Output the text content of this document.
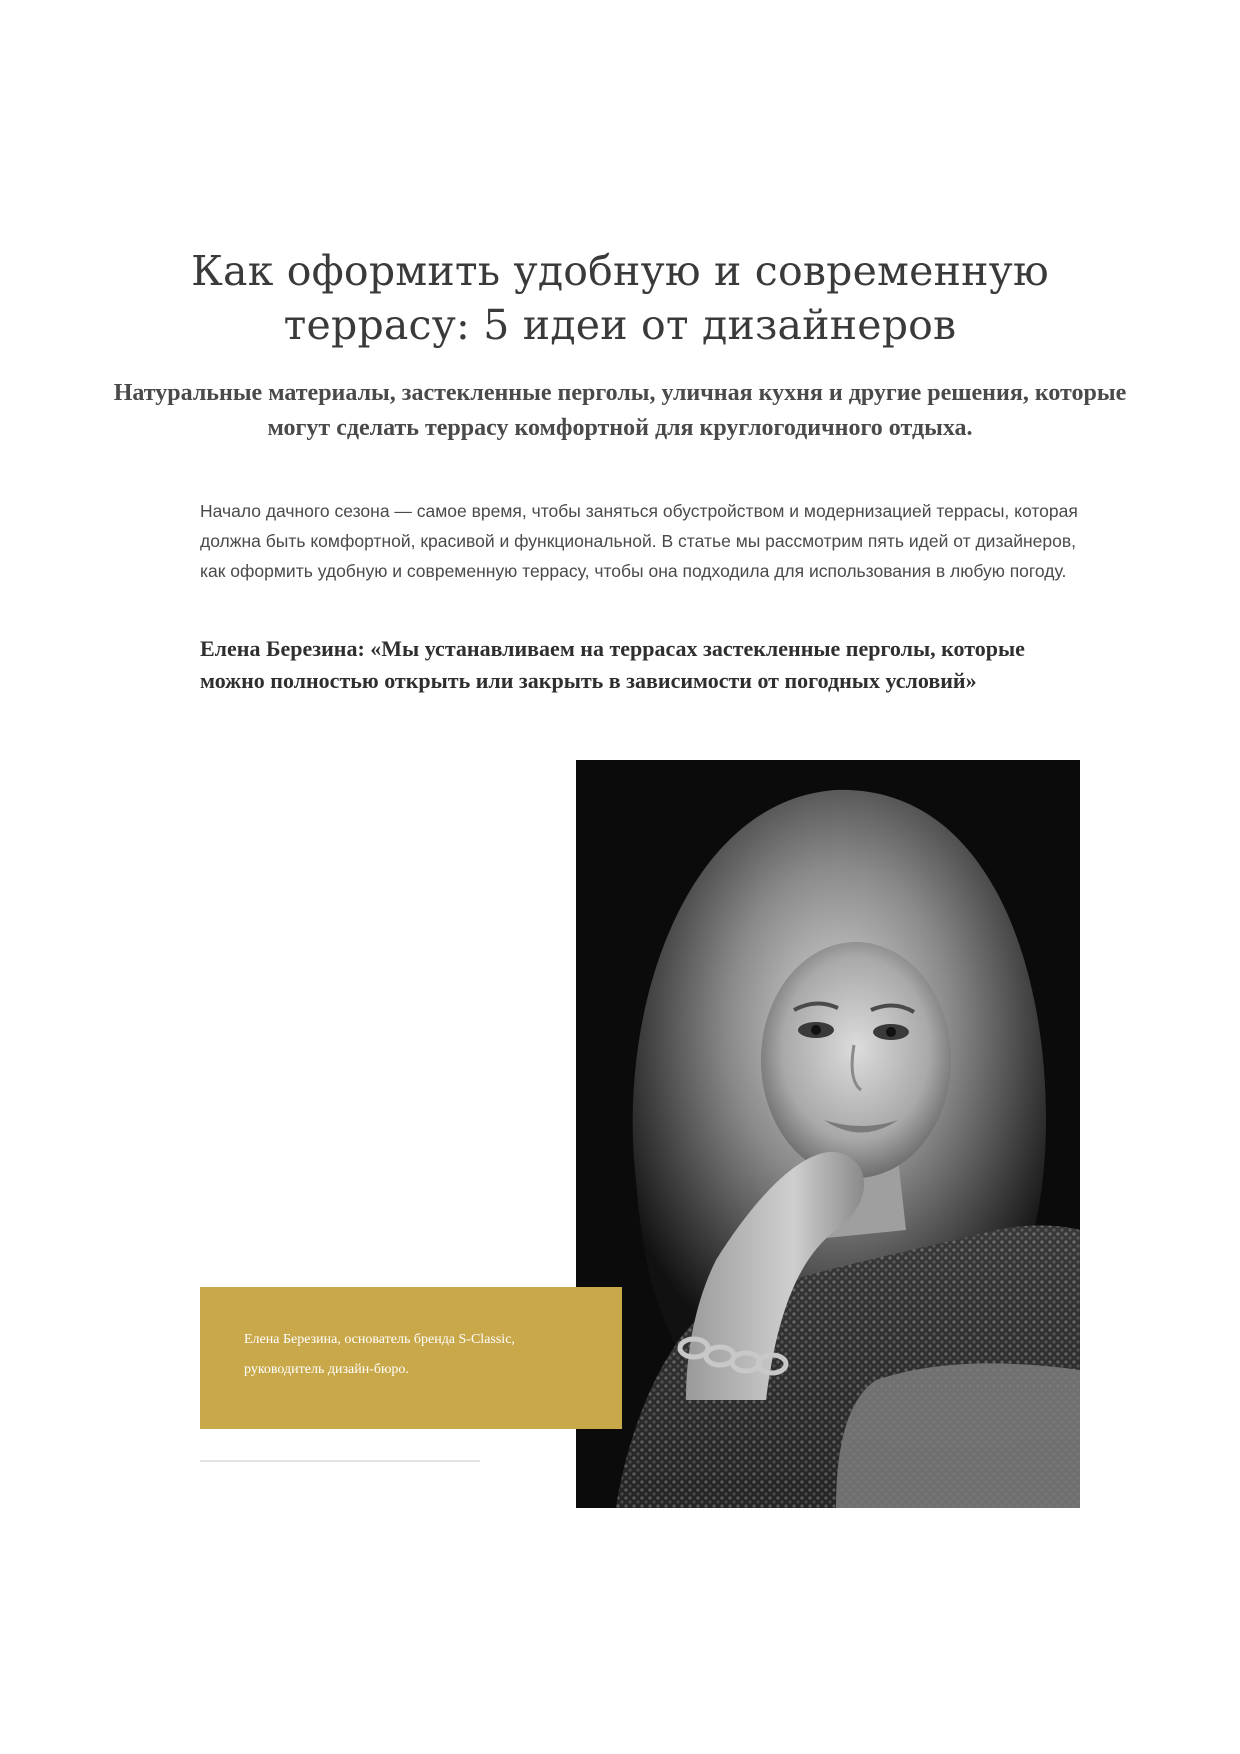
Как оформить удобную и современную террасу: 5 идеи от дизайнеров

Натуральные материалы, застекленные перголы, уличная кухня и другие решения, которые могут сделать террасу комфортной для круглогодичного отдыха.

Начало дачного сезона — самое время, чтобы заняться обустройством и модернизацией террасы, которая должна быть комфортной, красивой и функциональной. В статье мы рассмотрим пять идей от дизайнеров, как оформить удобную и современную террасу, чтобы она подходила для использования в любую погоду.

Елена Березина: «Мы устанавливаем на террасах застекленные перголы, которые можно полностью открыть или закрыть в зависимости от погодных условий»

Елена Березина, основатель бренда S-Classic, руководитель дизайн-бюро.
